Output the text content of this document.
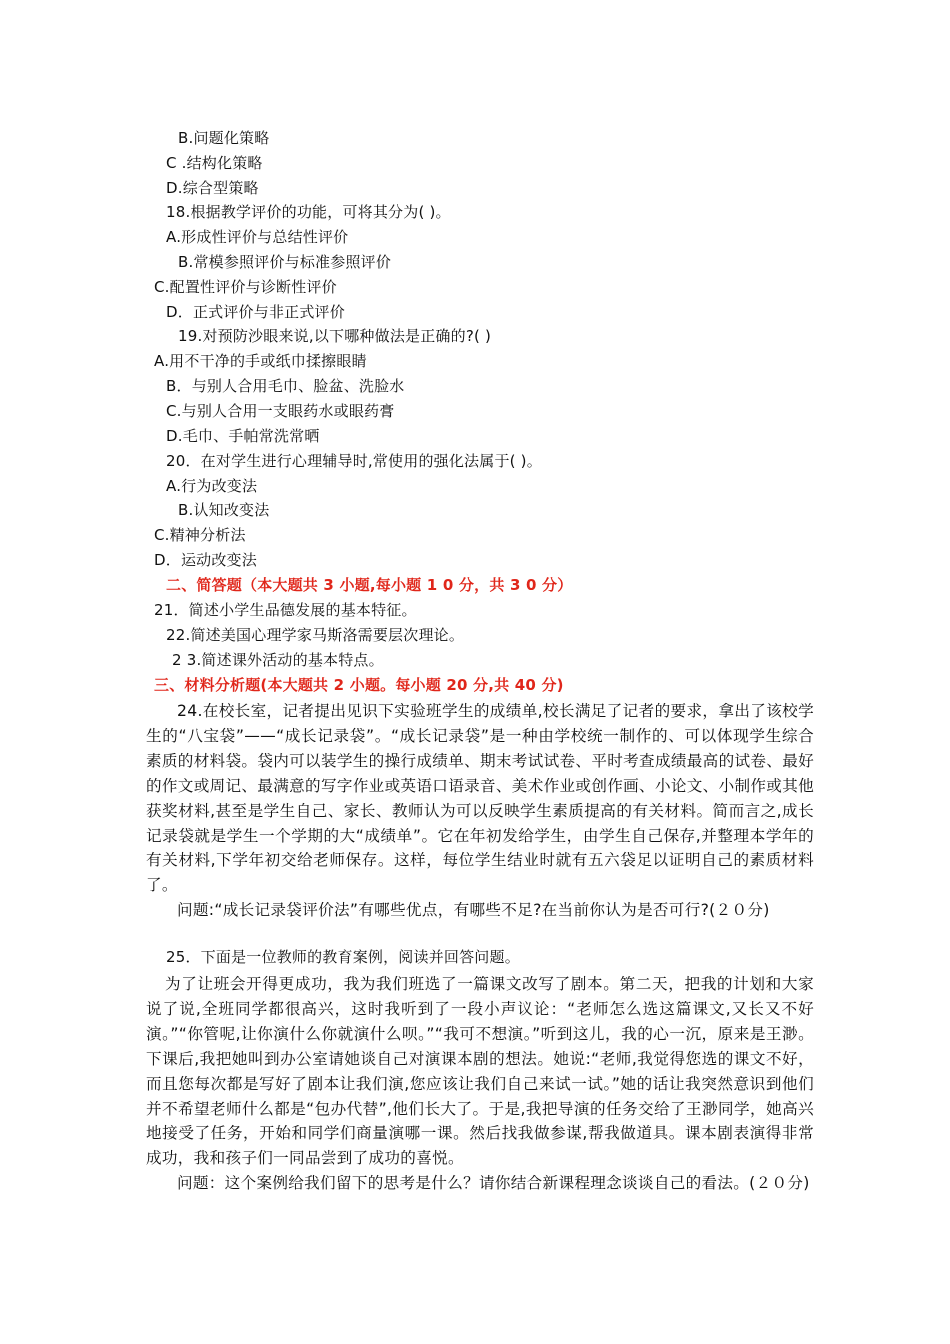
B.问题化策略
C .结构化策略
D.综合型策略
18.根据教学评价的功能，可将其分为( )。
A.形成性评价与总结性评价
B.常模参照评价与标准参照评价
C.配置性评价与诊断性评价
D．正式评价与非正式评价
19.对预防沙眼来说,以下哪种做法是正确的?( )
A.用不干净的手或纸巾揉擦眼睛
B．与别人合用毛巾、脸盆、洗脸水
C.与别人合用一支眼药水或眼药膏
D.毛巾、手帕常洗常晒
20．在对学生进行心理辅导时,常使用的强化法属于( )。
A.行为改变法
B.认知改变法
C.精神分析法
D．运动改变法
二、简答题（本大题共 3 小题,每小题 1 0 分，共 3 0 分）
21．简述小学生品德发展的基本特征。
22.简述美国心理学家马斯洛需要层次理论。
2 3.简述课外活动的基本特点。
三、材料分析题(本大题共 2 小题。每小题 20 分,共 40 分)

24.在校长室，记者提出见识下实验班学生的成绩单,校长满足了记者的要求，拿出了该校学生的“八宝袋”——“成长记录袋”。“成长记录袋”是一种由学校统一制作的、可以体现学生综合素质的材料袋。袋内可以装学生的操行成绩单、期末考试试卷、平时考查成绩最高的试卷、最好的作文或周记、最满意的写字作业或英语口语录音、美术作业或创作画、小论文、小制作或其他获奖材料,甚至是学生自己、家长、教师认为可以反映学生素质提高的有关材料。简而言之,成长记录袋就是学生一个学期的大“成绩单”。它在年初发给学生，由学生自己保存,并整理本学年的有关材料,下学年初交给老师保存。这样，每位学生结业时就有五六袋足以证明自己的素质材料了。

问题:“成长记录袋评价法”有哪些优点，有哪些不足?在当前你认为是否可行?(２０分)

25．下面是一位教师的教育案例，阅读并回答问题。

为了让班会开得更成功，我为我们班选了一篇课文改写了剧本。第二天，把我的计划和大家说了说,全班同学都很高兴，这时我听到了一段小声议论：“老师怎么选这篇课文,又长又不好演。”“你管呢,让你演什么你就演什么呗。”“我可不想演。”听到这儿，我的心一沉，原来是王渺。下课后,我把她叫到办公室请她谈自己对演课本剧的想法。她说:“老师,我觉得您选的课文不好，而且您每次都是写好了剧本让我们演,您应该让我们自己来试一试。”她的话让我突然意识到他们并不希望老师什么都是“包办代替”,他们长大了。于是,我把导演的任务交给了王渺同学，她高兴地接受了任务，开始和同学们商量演哪一课。然后找我做参谋,帮我做道具。课本剧表演得非常成功，我和孩子们一同品尝到了成功的喜悦。

问题：这个案例给我们留下的思考是什么？请你结合新课程理念谈谈自己的看法。(２０分)
